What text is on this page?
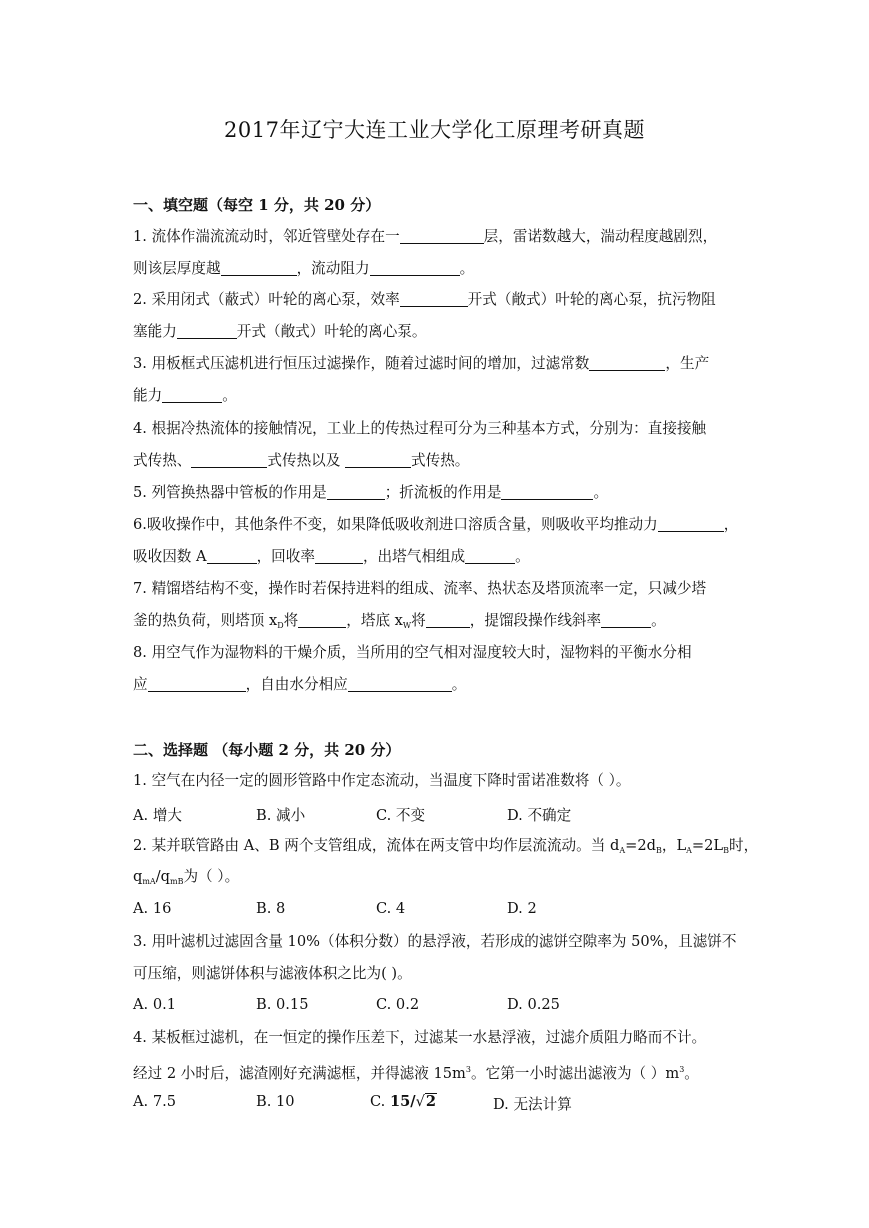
2017年辽宁大连工业大学化工原理考研真题
一、填空题（每空 1 分，共 20 分）
1. 流体作湍流流动时，邻近管壁处存在一	层，雷诺数越大，湍动程度越剧烈，
则该层厚度越	，流动阻力	。
2. 采用闭式（蔽式）叶轮的离心泵，效率	开式（敞式）叶轮的离心泵，抗污物阻
塞能力	开式（敞式）叶轮的离心泵。
3. 用板框式压滤机进行恒压过滤操作，随着过滤时间的增加，过滤常数	，生产
能力	。
4. 根据冷热流体的接触情况，工业上的传热过程可分为三种基本方式，分别为：直接接触
式传热、	式传热以及	式传热。
5. 列管换热器中管板的作用是	；折流板的作用是	。
6.吸收操作中，其他条件不变，如果降低吸收剂进口溶质含量，则吸收平均推动力	，
吸收因数 A	，回收率	，出塔气相组成	。
7. 精馏塔结构不变，操作时若保持进料的组成、流率、热状态及塔顶流率一定，只减少塔
釜的热负荷，则塔顶 $x_D$将	，塔底 $x_W$将	，提馏段操作线斜率	。
8. 用空气作为湿物料的干燥介质，当所用的空气相对湿度较大时，湿物料的平衡水分相
应	，自由水分相应	。
二、选择题 （每小题 2 分，共 20 分）
1. 空气在内径一定的圆形管路中作定态流动，当温度下降时雷诺准数将（ ）。
A. 增大	B. 减小	C. 不变	D. 不确定
2. 某并联管路由 A、B 两个支管组成，流体在两支管中均作层流流动。当 $d_A=2d_B$，$L_A=2L_B$时，
$q_{mA}/q_{mB}$为（ ）。
A. 16	B. 8	C. 4	D. 2
3. 用叶滤机过滤固含量 10%（体积分数）的悬浮液，若形成的滤饼空隙率为 50%，且滤饼不
可压缩，则滤饼体积与滤液体积之比为( )。
A. 0.1	B. 0.15	C. 0.2	D. 0.25
4. 某板框过滤机，在一恒定的操作压差下，过滤某一水悬浮液，过滤介质阻力略而不计。
经过 2 小时后，滤渣刚好充满滤框，并得滤液 $15m^3$。它第一小时滤出滤液为（ ）$m^3$。
A. 7.5	B. 10	C. 15/√2	D. 无法计算
